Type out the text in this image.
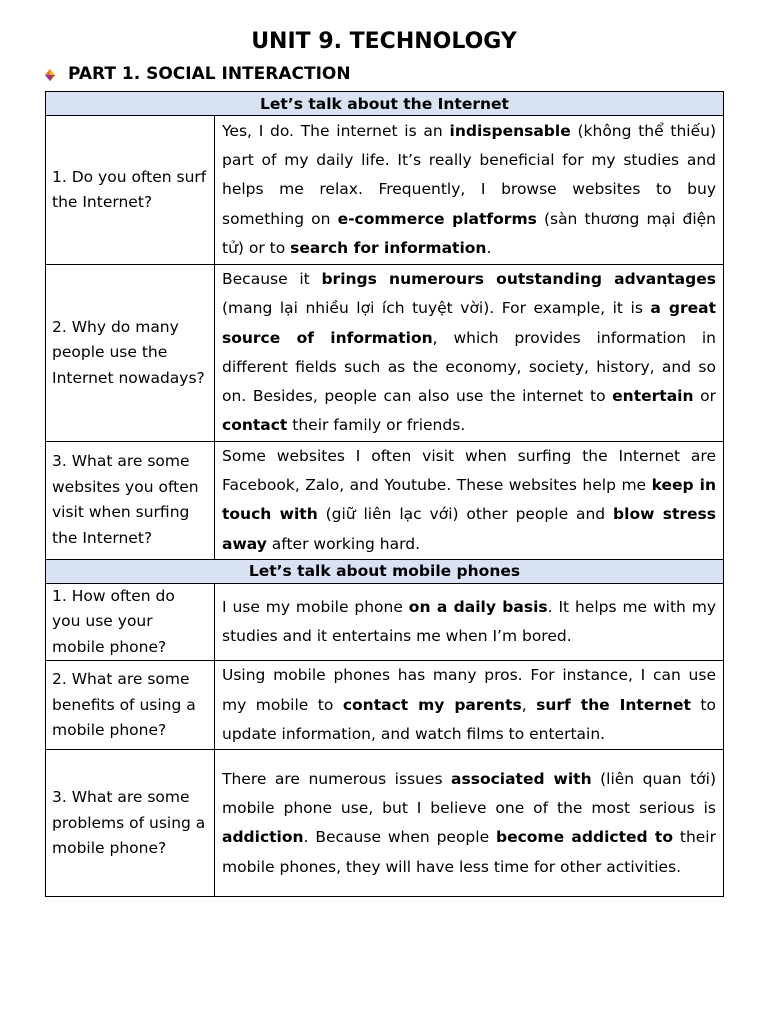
UNIT 9. TECHNOLOGY
PART 1. SOCIAL INTERACTION
Let’s talk about the Internet	
1. Do you often surf the Internet?	Yes, I do. The internet is an indispensable (không thể thiếu) part of my daily life. It’s really beneficial for my studies and helps me relax. Frequently, I browse websites to buy something on e-commerce platforms (sàn thương mại điện tử) or to search for information.
2. Why do many people use the Internet nowadays?	Because it brings numerours outstanding advantages (mang lại nhiều lợi ích tuyệt vời). For example, it is a great source of information, which provides information in different fields such as the economy, society, history, and so on. Besides, people can also use the internet to entertain or contact their family or friends.
3. What are some websites you often visit when surfing the Internet?	Some websites I often visit when surfing the Internet are Facebook, Zalo, and Youtube. These websites help me keep in touch with (giữ liên lạc với) other people and blow stress away after working hard.
Let’s talk about mobile phones	
1. How often do you use your mobile phone?	I use my mobile phone on a daily basis. It helps me with my studies and it entertains me when I’m bored.
2. What are some benefits of using a mobile phone?	Using mobile phones has many pros. For instance, I can use my mobile to contact my parents, surf the Internet to update information, and watch films to entertain.
3. What are some problems of using a mobile phone?	There are numerous issues associated with (liên quan tới) mobile phone use, but I believe one of the most serious is addiction. Because when people become addicted to their mobile phones, they will have less time for other activities.
